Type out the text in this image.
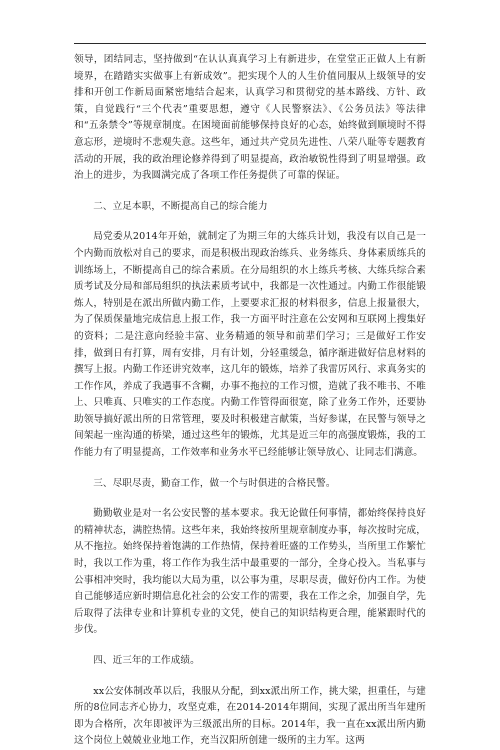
领导，团结同志，坚持做到“在认认真真学习上有新进步，在堂堂正正做人上有新境界，在踏踏实实做事上有新成效”。把实现个人的人生价值同服从上级领导的安排和开创工作新局面紧密地结合起来，认真学习和贯彻党的基本路线、方针、政策，自觉践行“三个代表”重要思想，遵守《人民警察法》、《公务员法》等法律和“五条禁令”等规章制度。在困境面前能够保持良好的心态，始终做到顺境时不得意忘形，逆境时不悲观失意。这些年，通过共产党员先进性、八荣八耻等专题教育活动的开展，我的政治理论修养得到了明显提高，政治敏锐性得到了明显增强。政治上的进步，为我圆满完成了各项工作任务提供了可靠的保证。

二、立足本职，不断提高自己的综合能力

局党委从2014年开始，就制定了为期三年的大练兵计划，我没有以自己是一个内勤而放松对自己的要求，而是积极出现政治练兵、业务练兵、身体素质练兵的训练场上，不断提高自己的综合素质。在分局组织的水上练兵考核、大练兵综合素质考试及分局和部局组织的执法素质考试中，我都是一次性通过。内勤工作很能锻炼人，特别是在派出所做内勤工作，上要要求汇报的材料很多，信息上报量很大，为了保质保量地完成信息上报工作，我一方面平时注意在公安网和互联网上搜集好的资料；二是注意向经验丰富、业务精通的领导和前辈们学习；三是做好工作安排，做到日有打算，周有安排，月有计划，分轻重缓急，循序渐进做好信息材料的撰写上报。内勤工作还讲究效率，这几年的锻炼，培养了我雷厉风行、求真务实的工作作风，养成了我遇事不含糊，办事不拖拉的工作习惯，造就了我不唯书、不唯上、只唯真、只唯实的工作态度。内勤工作管得面很宽，除了业务工作外，还要协助领导搞好派出所的日常管理，要及时积极建言献策，当好参谋，在民警与领导之间架起一座沟通的桥梁，通过这些年的锻炼，尤其是近三年的高强度锻炼，我的工作能力有了明显提高，工作效率和业务水平已经能够让领导放心、让同志们满意。

三、尽职尽责，勤奋工作，做一个与时俱进的合格民警。

勤勤敬业是对一名公安民警的基本要求。我无论做任何事情，都始终保持良好的精神状态，满腔热情。这些年来，我始终按所里规章制度办事，每次按时完成，从不拖拉。始终保持着饱满的工作热情，保持着旺盛的工作势头，当所里工作繁忙时，我以工作为重，将工作作为我生活中最重要的一部分，全身心投入。当私事与公事相冲突时，我均能以大局为重，以公事为重，尽职尽责，做好份内工作。为使自己能够适应新时期信息化社会的公安工作的需要，我在工作之余，加强自学，先后取得了法律专业和计算机专业的文凭，使自己的知识结构更合理，能紧跟时代的步伐。

四、近三年的工作成绩。

xx公安体制改革以后，我服从分配，到xx派出所工作，挑大梁，担重任，与建所的8位同志齐心协力，攻坚克难，在2014-2014年期间，实现了派出所当年建所即为合格所，次年即被评为三级派出所的目标。2014年，我一直在xx派出所内勤这个岗位上兢兢业业地工作，充当汉阳所创建一级所的主力军。这两
